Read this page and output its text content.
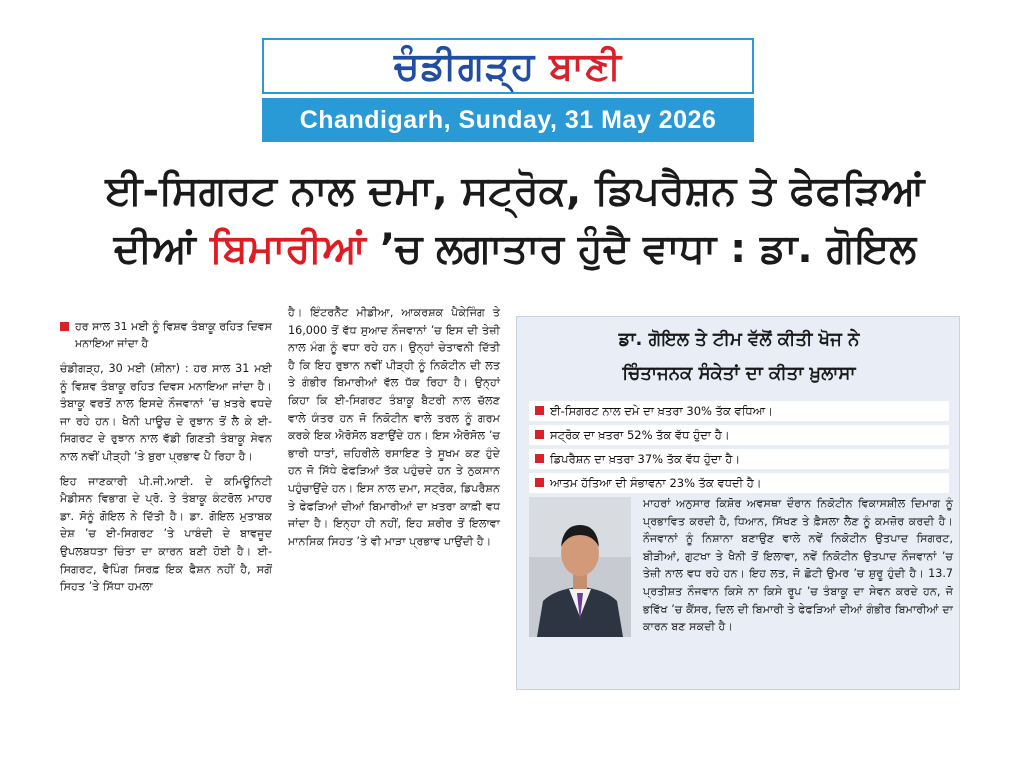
ਚੰਡੀਗੜ੍ਹ ਬਾਣੀ
Chandigarh, Sunday, 31 May 2026
ਈ-ਸਿਗਰਟ ਨਾਲ ਦਮਾ, ਸਟ੍ਰੋਕ, ਡਿਪਰੈਸ਼ਨ ਤੇ ਫੇਫੜਿਆਂ
ਦੀਆਂ ਬਿਮਾਰੀਆਂ ’ਚ ਲਗਾਤਾਰ ਹੁੰਦੈ ਵਾਧਾ : ਡਾ. ਗੋਇਲ
ਹਰ ਸਾਲ 31 ਮਈ ਨੂੰ ਵਿਸ਼ਵ ਤੰਬਾਕੂ ਰਹਿਤ ਦਿਵਸ ਮਨਾਇਆ ਜਾਂਦਾ ਹੈ

ਚੰਡੀਗੜ੍ਹ, 30 ਮਈ (ਸ਼ੀਨਾ) : ਹਰ ਸਾਲ 31 ਮਈ ਨੂੰ ਵਿਸ਼ਵ ਤੰਬਾਕੂ ਰਹਿਤ ਦਿਵਸ ਮਨਾਇਆ ਜਾਂਦਾ ਹੈ। ਤੰਬਾਕੂ ਵਰਤੋਂ ਨਾਲ ਇਸਦੇ ਨੌਜਵਾਨਾਂ ’ਚ ਖ਼ਤਰੇ ਵਧਦੇ ਜਾ ਰਹੇ ਹਨ। ਖੈਨੀ ਪਾਊਚ ਦੇ ਰੁਝਾਨ ਤੋਂ ਲੈ ਕੇ ਈ-ਸਿਗਰਟ ਦੇ ਰੁਝਾਨ ਨਾਲ ਵੱਡੀ ਗਿਣਤੀ ਤੰਬਾਕੂ ਸੇਵਨ ਨਾਲ ਨਵੀਂ ਪੀੜ੍ਹੀ ’ਤੇ ਬੁਰਾ ਪ੍ਰਭਾਵ ਪੈ ਰਿਹਾ ਹੈ।

ਇਹ ਜਾਣਕਾਰੀ ਪੀ.ਜੀ.ਆਈ. ਦੇ ਕਮਿਊਨਿਟੀ ਮੈਡੀਸਨ ਵਿਭਾਗ ਦੇ ਪ੍ਰੋ. ਤੇ ਤੰਬਾਕੂ ਕੰਟਰੋਲ ਮਾਹਰ ਡਾ. ਸੋਨੂੰ ਗੋਇਲ ਨੇ ਦਿੱਤੀ ਹੈ। ਡਾ. ਗੋਇਲ ਮੁਤਾਬਕ ਦੇਸ਼ ’ਚ ਈ-ਸਿਗਰਟ ’ਤੇ ਪਾਬੰਦੀ ਦੇ ਬਾਵਜੂਦ ਉਪਲਬਧਤਾ ਚਿੰਤਾ ਦਾ ਕਾਰਨ ਬਣੀ ਹੋਈ ਹੈ। ਈ-ਸਿਗਰਟ, ਵੈਪਿੰਗ ਸਿਰਫ਼ ਇਕ ਫੈਸ਼ਨ ਨਹੀਂ ਹੈ, ਸਗੋਂ ਸਿਹਤ ’ਤੇ ਸਿੱਧਾ ਹਮਲਾ

ਹੈ। ਇੰਟਰਨੈੱਟ ਮੀਡੀਆ, ਆਕਰਸ਼ਕ ਪੈਕੇਜਿੰਗ ਤੇ 16,000 ਤੋਂ ਵੱਧ ਸੁਆਦ ਨੌਜਵਾਨਾਂ ’ਚ ਇਸ ਦੀ ਤੇਜ਼ੀ ਨਾਲ ਮੰਗ ਨੂੰ ਵਧਾ ਰਹੇ ਹਨ। ਉਨ੍ਹਾਂ ਚੇਤਾਵਨੀ ਦਿੱਤੀ ਹੈ ਕਿ ਇਹ ਰੁਝਾਨ ਨਵੀਂ ਪੀੜ੍ਹੀ ਨੂੰ ਨਿਕੋਟੀਨ ਦੀ ਲਤ ਤੇ ਗੰਭੀਰ ਬਿਮਾਰੀਆਂ ਵੱਲ ਧੱਕ ਰਿਹਾ ਹੈ। ਉਨ੍ਹਾਂ ਕਿਹਾ ਕਿ ਈ-ਸਿਗਰਟ ਤੰਬਾਕੂ ਬੈਟਰੀ ਨਾਲ ਚੱਲਣ ਵਾਲੇ ਯੰਤਰ ਹਨ ਜੋ ਨਿਕੋਟੀਨ ਵਾਲੇ ਤਰਲ ਨੂੰ ਗਰਮ ਕਰਕੇ ਇਕ ਐਰੋਸੋਲ ਬਣਾਉਂਦੇ ਹਨ। ਇਸ ਐਰੋਸੋਲ ’ਚ ਭਾਰੀ ਧਾਤਾਂ, ਜ਼ਹਿਰੀਲੇ ਰਸਾਇਣ ਤੇ ਸੂਖਮ ਕਣ ਹੁੰਦੇ ਹਨ ਜੋ ਸਿੱਧੇ ਫੇਫੜਿਆਂ ਤੱਕ ਪਹੁੰਚਦੇ ਹਨ ਤੇ ਨੁਕਸਾਨ ਪਹੁੰਚਾਉਂਦੇ ਹਨ। ਇਸ ਨਾਲ ਦਮਾ, ਸਟ੍ਰੋਕ, ਡਿਪਰੈਸ਼ਨ ਤੇ ਫੇਫੜਿਆਂ ਦੀਆਂ ਬਿਮਾਰੀਆਂ ਦਾ ਖ਼ਤਰਾ ਕਾਫ਼ੀ ਵਧ ਜਾਂਦਾ ਹੈ। ਇਨ੍ਹਾ ਹੀ ਨਹੀਂ, ਇਹ ਸ਼ਰੀਰ ਤੋਂ ਇਲਾਵਾ ਮਾਨਸਿਕ ਸਿਹਤ ’ਤੇ ਵੀ ਮਾੜਾ ਪ੍ਰਭਾਵ ਪਾਉਂਦੀ ਹੈ।

ਡਾ. ਗੋਇਲ ਤੇ ਟੀਮ ਵੱਲੋਂ ਕੀਤੀ ਖੋਜ ਨੇ
ਚਿੰਤਾਜਨਕ ਸੰਕੇਤਾਂ ਦਾ ਕੀਤਾ ਖ਼ੁਲਾਸਾ
ਈ-ਸਿਗਰਟ ਨਾਲ ਦਮੇ ਦਾ ਖ਼ਤਰਾ 30% ਤੱਕ ਵਧਿਆ।
ਸਟ੍ਰੋਕ ਦਾ ਖ਼ਤਰਾ 52% ਤੱਕ ਵੱਧ ਹੁੰਦਾ ਹੈ।
ਡਿਪਰੈਸ਼ਨ ਦਾ ਖ਼ਤਰਾ 37% ਤੱਕ ਵੱਧ ਹੁੰਦਾ ਹੈ।
ਆਤਮ ਹੱਤਿਆ ਦੀ ਸੰਭਾਵਨਾ 23% ਤੱਕ ਵਧਦੀ ਹੈ।
ਮਾਹਰਾਂ ਅਨੁਸਾਰ ਕਿਸ਼ੋਰ ਅਵਸਥਾ ਦੌਰਾਨ ਨਿਕੋਟੀਨ ਵਿਕਾਸਸ਼ੀਲ ਦਿਮਾਗ ਨੂੰ ਪ੍ਰਭਾਵਿਤ ਕਰਦੀ ਹੈ, ਧਿਆਨ, ਸਿੱਖਣ ਤੇ ਫ਼ੈਸਲਾ ਲੈਣ ਨੂੰ ਕਮਜ਼ੋਰ ਕਰਦੀ ਹੈ। ਨੌਜਵਾਨਾਂ ਨੂੰ ਨਿਸ਼ਾਨਾ ਬਣਾਉਣ ਵਾਲੇ ਨਵੇਂ ਨਿਕੋਟੀਨ ਉਤਪਾਦ ਸਿਗਰਟ, ਬੀੜੀਆਂ, ਗੁਟਖਾ ਤੇ ਖੈਨੀ ਤੋਂ ਇਲਾਵਾ, ਨਵੇਂ ਨਿਕੋਟੀਨ ਉਤਪਾਦ ਨੌਜਵਾਨਾਂ ’ਚ ਤੇਜ਼ੀ ਨਾਲ ਵਧ ਰਹੇ ਹਨ। ਇਹ ਲਤ, ਜੋ ਛੋਟੀ ਉਮਰ ’ਚ ਸ਼ੁਰੂ ਹੁੰਦੀ ਹੈ। 13.7 ਪ੍ਰਤੀਸ਼ਤ ਨੌਜਵਾਨ ਕਿਸੇ ਨਾ ਕਿਸੇ ਰੂਪ ’ਚ ਤੰਬਾਕੂ ਦਾ ਸੇਵਨ ਕਰਦੇ ਹਨ, ਜੋ ਭਵਿੱਖ ’ਚ ਕੈਂਸਰ, ਦਿਲ ਦੀ ਬਿਮਾਰੀ ਤੇ ਫੇਫੜਿਆਂ ਦੀਆਂ ਗੰਭੀਰ ਬਿਮਾਰੀਆਂ ਦਾ ਕਾਰਨ ਬਣ ਸਕਦੀ ਹੈ।
